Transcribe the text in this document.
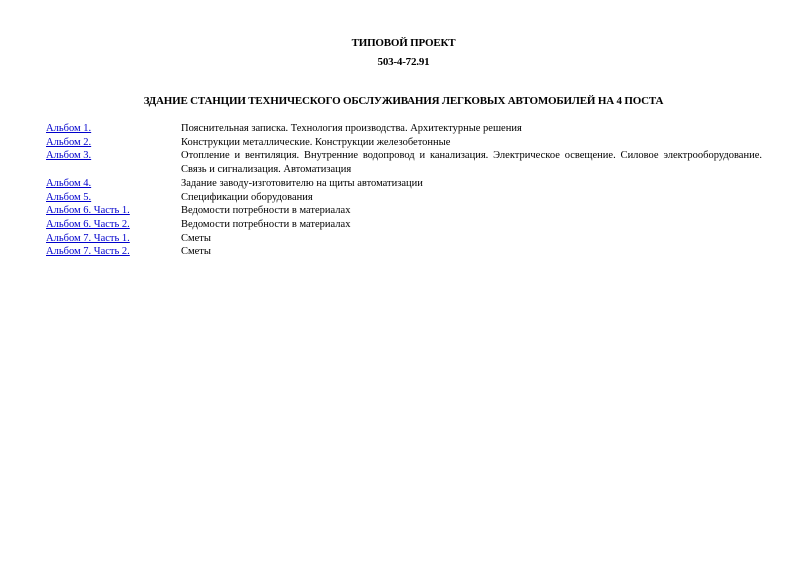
ТИПОВОЙ ПРОЕКТ
503-4-72.91
ЗДАНИЕ СТАНЦИИ ТЕХНИЧЕСКОГО ОБСЛУЖИВАНИЯ ЛЕГКОВЫХ АВТОМОБИЛЕЙ НА 4 ПОСТА
Альбом 1.	Пояснительная записка. Технология производства. Архитектурные решения
Альбом 2.	Конструкции металлические. Конструкции железобетонные
Альбом 3.	Отопление и вентиляция. Внутренние водопровод и канализация. Электрическое освещение. Силовое электрооборудование. Связь и сигнализация. Автоматизация
Альбом 4.	Задание заводу-изготовителю на щиты автоматизации
Альбом 5.	Спецификации оборудования
Альбом 6. Часть 1.	Ведомости потребности в материалах
Альбом 6. Часть 2.	Ведомости потребности в материалах
Альбом 7. Часть 1.	Сметы
Альбом 7. Часть 2.	Сметы
